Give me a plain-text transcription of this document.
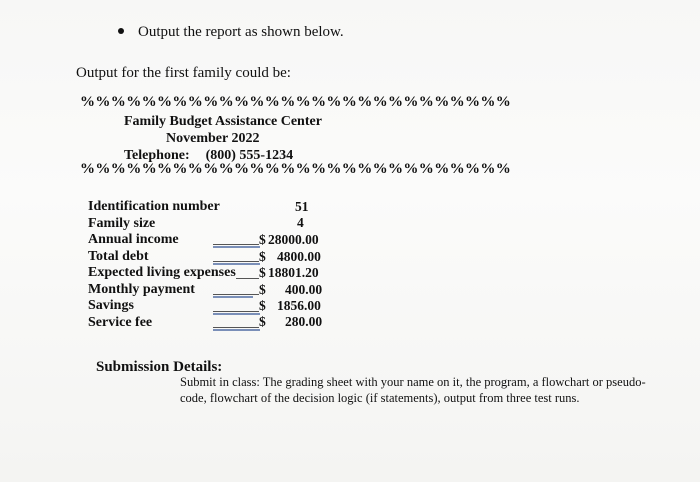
Output the report as shown below.
Output for the first family could be:
%%%%%%%%%%%%%%%%%%%%%%%%%%%%
Family Budget Assistance Center
November 2022
Telephone: (800) 555-1234
%%%%%%%%%%%%%%%%%%%%%%%%%%%%
Identification number
Family size
Annual income
Total debt
Expected living expenses
Monthly payment
Savings
Service fee
51
4
$ 28000.00
$ 4800.00
$ 18801.20
$ 400.00
$ 1856.00
$ 280.00
Submission Details:
Submit in class: The grading sheet with your name on it, the program, a flowchart or pseudo-code, flowchart of the decision logic (if statements), output from three test runs.
